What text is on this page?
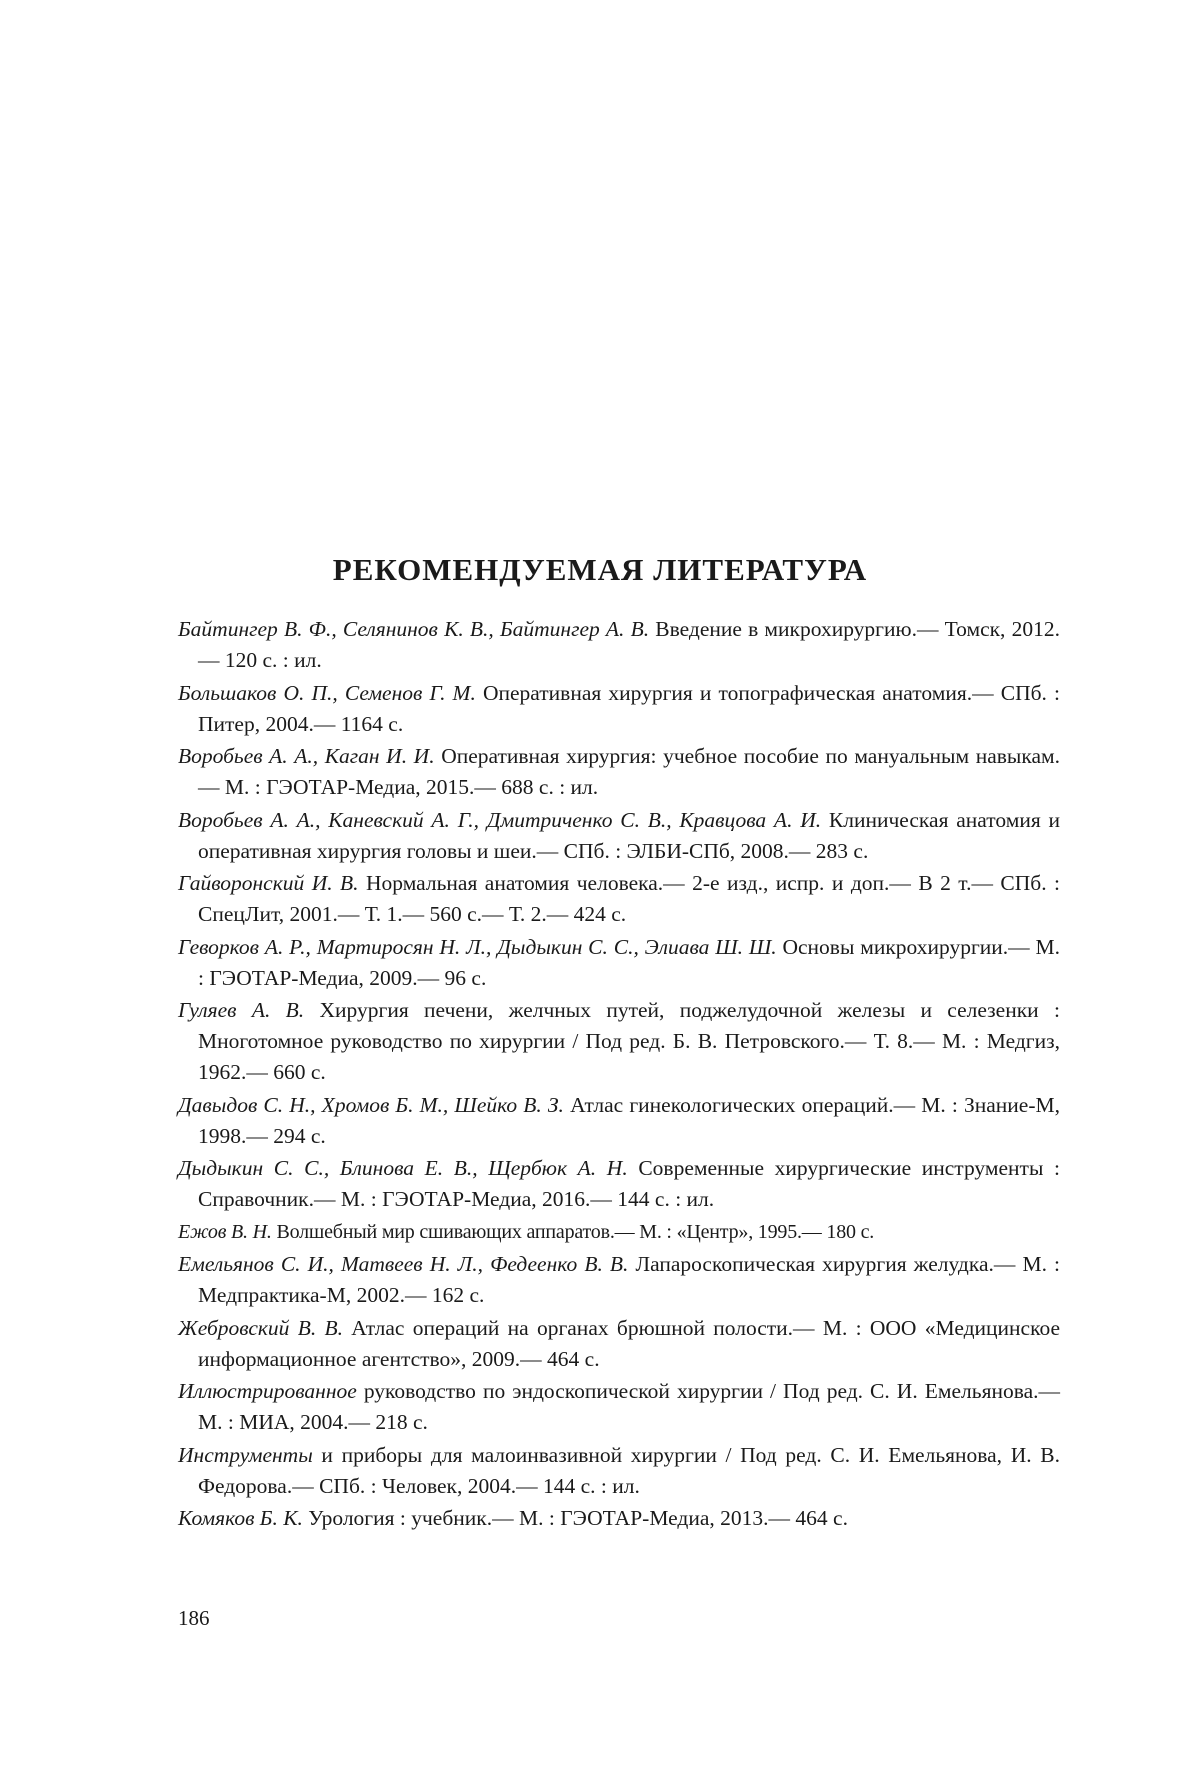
РЕКОМЕНДУЕМАЯ ЛИТЕРАТУРА
Байтингер В. Ф., Селянинов К. В., Байтингер А. В. Введение в микрохирургию.— Томск, 2012.— 120 с. : ил.
Большаков О. П., Семенов Г. М. Оперативная хирургия и топографическая анатомия.— СПб. : Питер, 2004.— 1164 с.
Воробьев А. А., Каган И. И. Оперативная хирургия: учебное пособие по мануальным навыкам.— М. : ГЭОТАР-Медиа, 2015.— 688 с. : ил.
Воробьев А. А., Каневский А. Г., Дмитриченко С. В., Кравцова А. И. Клиническая анатомия и оперативная хирургия головы и шеи.— СПб. : ЭЛБИ-СПб, 2008.— 283 с.
Гайворонский И. В. Нормальная анатомия человека.— 2-е изд., испр. и доп.— В 2 т.— СПб. : СпецЛит, 2001.— Т. 1.— 560 с.— Т. 2.— 424 с.
Геворков А. Р., Мартиросян Н. Л., Дыдыкин С. С., Элиава Ш. Ш. Основы микрохирургии.— М. : ГЭОТАР-Медиа, 2009.— 96 с.
Гуляев А. В. Хирургия печени, желчных путей, поджелудочной железы и селезенки : Многотомное руководство по хирургии / Под ред. Б. В. Петровского.— Т. 8.— М. : Медгиз, 1962.— 660 с.
Давыдов С. Н., Хромов Б. М., Шейко В. З. Атлас гинекологических операций.— М. : Знание-М, 1998.— 294 с.
Дыдыкин С. С., Блинова Е. В., Щербюк А. Н. Современные хирургические инструменты : Справочник.— М. : ГЭОТАР-Медиа, 2016.— 144 с. : ил.
Ежов В. Н. Волшебный мир сшивающих аппаратов.— М. : «Центр», 1995.— 180 с.
Емельянов С. И., Матвеев Н. Л., Федеенко В. В. Лапароскопическая хирургия желудка.— М. : Медпрактика-М, 2002.— 162 с.
Жебровский В. В. Атлас операций на органах брюшной полости.— М. : ООО «Медицинское информационное агентство», 2009.— 464 с.
Иллюстрированное руководство по эндоскопической хирургии / Под ред. С. И. Емельянова.— М. : МИА, 2004.— 218 с.
Инструменты и приборы для малоинвазивной хирургии / Под ред. С. И. Емельянова, И. В. Федорова.— СПб. : Человек, 2004.— 144 с. : ил.
Комяков Б. К. Урология : учебник.— М. : ГЭОТАР-Медиа, 2013.— 464 с.

186
